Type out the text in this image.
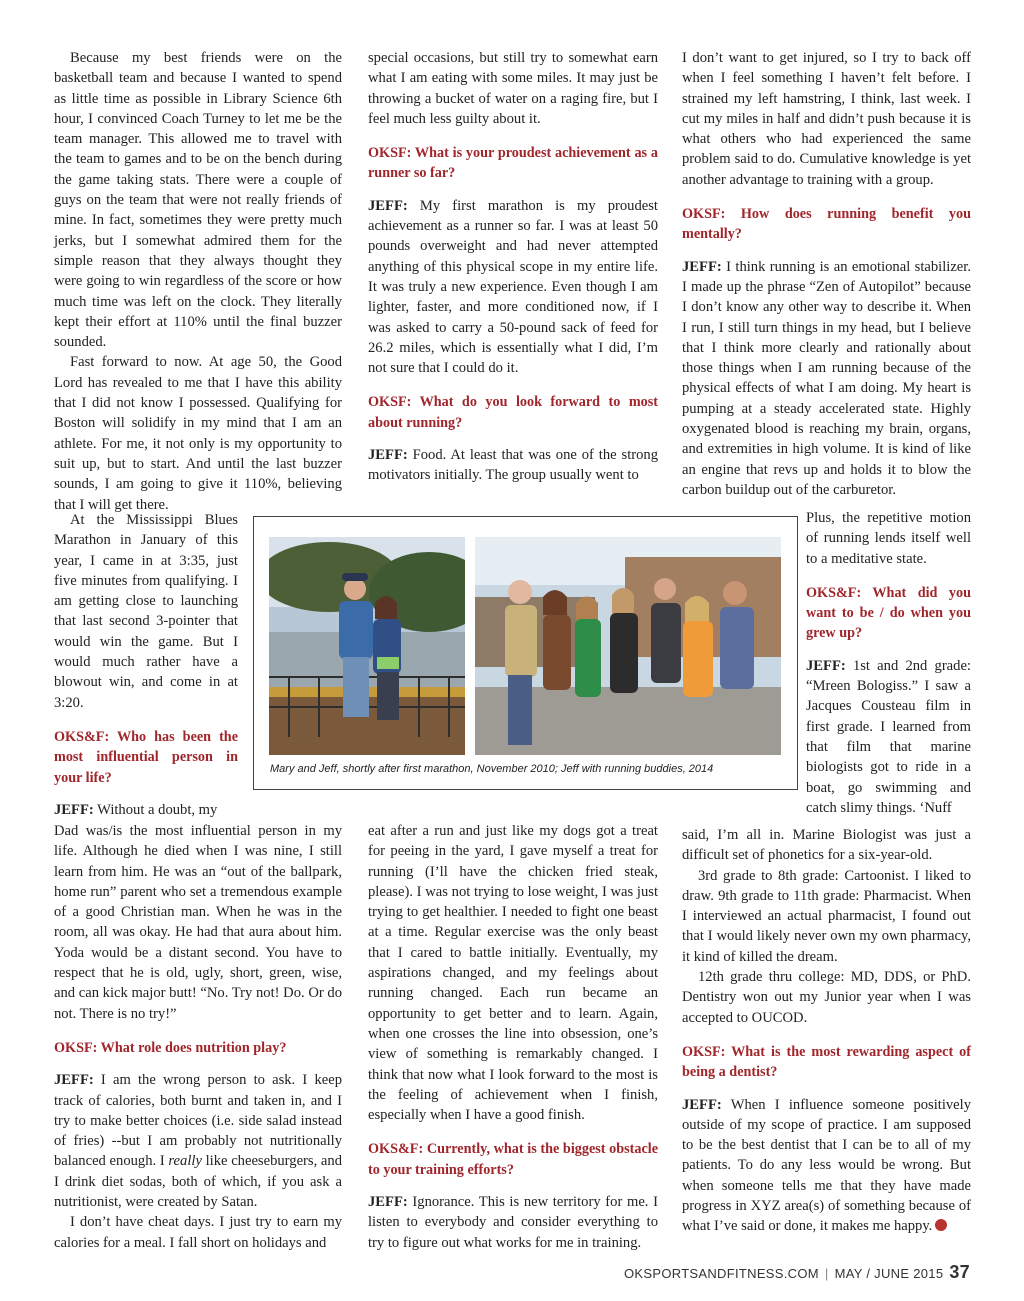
Because my best friends were on the basketball team and because I wanted to spend as little time as possible in Library Science 6th hour, I convinced Coach Turney to let me be the team manager. This allowed me to travel with the team to games and to be on the bench during the game taking stats. There were a couple of guys on the team that were not really friends of mine. In fact, sometimes they were pretty much jerks, but I somewhat admired them for the simple reason that they always thought they were going to win regardless of the score or how much time was left on the clock. They literally kept their effort at 110% until the final buzzer sounded.

Fast forward to now. At age 50, the Good Lord has revealed to me that I have this ability that I did not know I possessed. Qualifying for Boston will solidify in my mind that I am an athlete. For me, it not only is my opportunity to suit up, but to start. And until the last buzzer sounds, I am going to give it 110%, believing that I will get there.

At the Mississippi Blues Marathon in January of this year, I came in at 3:35, just five minutes from qualifying. I am getting close to launching that last second 3-pointer that would win the game. But I would much rather have a blowout win, and come in at 3:20.

OKS&F: Who has been the most influential person in your life?

JEFF: Without a doubt, my

Dad was/is the most influential person in my life. Although he died when I was nine, I still learn from him. He was an “out of the ballpark, home run” parent who set a tremendous example of a good Christian man. When he was in the room, all was okay. He had that aura about him. Yoda would be a distant second. You have to respect that he is old, ugly, short, green, wise, and can kick major butt! “No. Try not! Do. Or do not. There is no try!”

OKSF: What role does nutrition play?

JEFF: I am the wrong person to ask. I keep track of calories, both burnt and taken in, and I try to make better choices (i.e. side salad instead of fries) --but I am probably not nutritionally balanced enough. I really like cheeseburgers, and I drink diet sodas, both of which, if you ask a nutritionist, were created by Satan.

I don’t have cheat days. I just try to earn my calories for a meal. I fall short on holidays and

special occasions, but still try to somewhat earn what I am eating with some miles. It may just be throwing a bucket of water on a raging fire, but I feel much less guilty about it.

OKSF: What is your proudest achievement as a runner so far?

JEFF: My first marathon is my proudest achievement as a runner so far. I was at least 50 pounds overweight and had never attempted anything of this physical scope in my entire life. It was truly a new experience. Even though I am lighter, faster, and more conditioned now, if I was asked to carry a 50-pound sack of feed for 26.2 miles, which is essentially what I did, I’m not sure that I could do it.

OKSF: What do you look forward to most about running?

JEFF: Food. At least that was one of the strong motivators initially. The group usually went to

eat after a run and just like my dogs got a treat for peeing in the yard, I gave myself a treat for running (I’ll have the chicken fried steak, please). I was not trying to lose weight, I was just trying to get healthier. I needed to fight one beast at a time. Regular exercise was the only beast that I cared to battle initially. Eventually, my aspirations changed, and my feelings about running changed. Each run became an opportunity to get better and to learn. Again, when one crosses the line into obsession, one’s view of something is remarkably changed. I think that now what I look forward to the most is the feeling of achievement when I finish, especially when I have a good finish.

OKS&F: Currently, what is the biggest obstacle to your training efforts?

JEFF: Ignorance. This is new territory for me. I listen to everybody and consider everything to try to figure out what works for me in training.

I don’t want to get injured, so I try to back off when I feel something I haven’t felt before. I strained my left hamstring, I think, last week. I cut my miles in half and didn’t push because it is what others who had experienced the same problem said to do. Cumulative knowledge is yet another advantage to training with a group.

OKSF: How does running benefit you mentally?

JEFF: I think running is an emotional stabilizer. I made up the phrase “Zen of Autopilot” because I don’t know any other way to describe it. When I run, I still turn things in my head, but I believe that I think more clearly and rationally about those things when I am running because of the physical effects of what I am doing. My heart is pumping at a steady accelerated state. Highly oxygenated blood is reaching my brain, organs, and extremities in high volume. It is kind of like an engine that revs up and holds it to blow the carbon buildup out of the carburetor.

Plus, the repetitive motion of running lends itself well to a meditative state.

OKS&F: What did you want to be / do when you grew up?

JEFF: 1st and 2nd grade: “Mreen Bologiss.” I saw a Jacques Cousteau film in first grade. I learned from that film that marine biologists got to ride in a boat, go swimming and catch slimy things. ‘Nuff

said, I’m all in. Marine Biologist was just a difficult set of phonetics for a six-year-old.

3rd grade to 8th grade: Cartoonist. I liked to draw. 9th grade to 11th grade: Pharmacist. When I interviewed an actual pharmacist, I found out that I would likely never own my own pharmacy, it kind of killed the dream.

12th grade thru college: MD, DDS, or PhD. Dentistry won out my Junior year when I was accepted to OUCOD.

OKSF: What is the most rewarding aspect of being a dentist?

JEFF: When I influence someone positively outside of my scope of practice. I am supposed to be the best dentist that I can be to all of my patients. To do any less would be wrong. But when someone tells me that they have made progress in XYZ area(s) of something because of what I’ve said or done, it makes me happy.

Mary and Jeff, shortly after first marathon, November 2010; Jeff with running buddies, 2014
OKSPORTSANDFITNESS.COM | MAY / JUNE 2015 37
